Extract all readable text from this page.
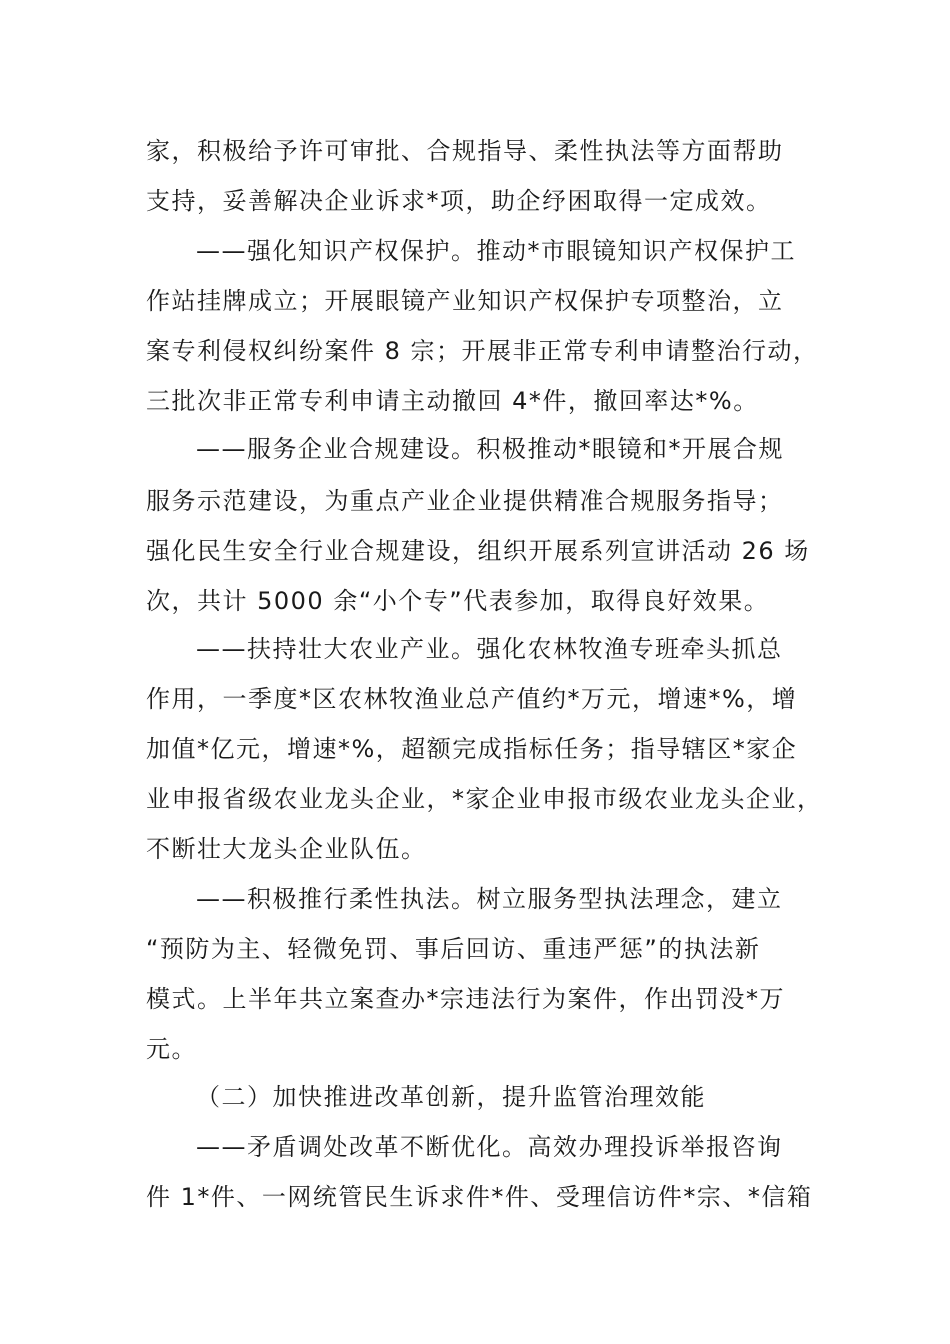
家，积极给予许可审批、合规指导、柔性执法等方面帮助
支持，妥善解决企业诉求*项，助企纾困取得一定成效。
——强化知识产权保护。推动*市眼镜知识产权保护工
作站挂牌成立；开展眼镜产业知识产权保护专项整治，立
案专利侵权纠纷案件 8 宗；开展非正常专利申请整治行动，
三批次非正常专利申请主动撤回 4*件，撤回率达*%。
——服务企业合规建设。积极推动*眼镜和*开展合规
服务示范建设，为重点产业企业提供精准合规服务指导；
强化民生安全行业合规建设，组织开展系列宣讲活动 26 场
次，共计 5000 余“小个专”代表参加，取得良好效果。
——扶持壮大农业产业。强化农林牧渔专班牵头抓总
作用，一季度*区农林牧渔业总产值约*万元，增速*%，增
加值*亿元，增速*%，超额完成指标任务；指导辖区*家企
业申报省级农业龙头企业，*家企业申报市级农业龙头企业，
不断壮大龙头企业队伍。
——积极推行柔性执法。树立服务型执法理念，建立
“预防为主、轻微免罚、事后回访、重违严惩”的执法新
模式。上半年共立案查办*宗违法行为案件，作出罚没*万
元。
（二）加快推进改革创新，提升监管治理效能
——矛盾调处改革不断优化。高效办理投诉举报咨询
件 1*件、一网统管民生诉求件*件、受理信访件*宗、*信箱
